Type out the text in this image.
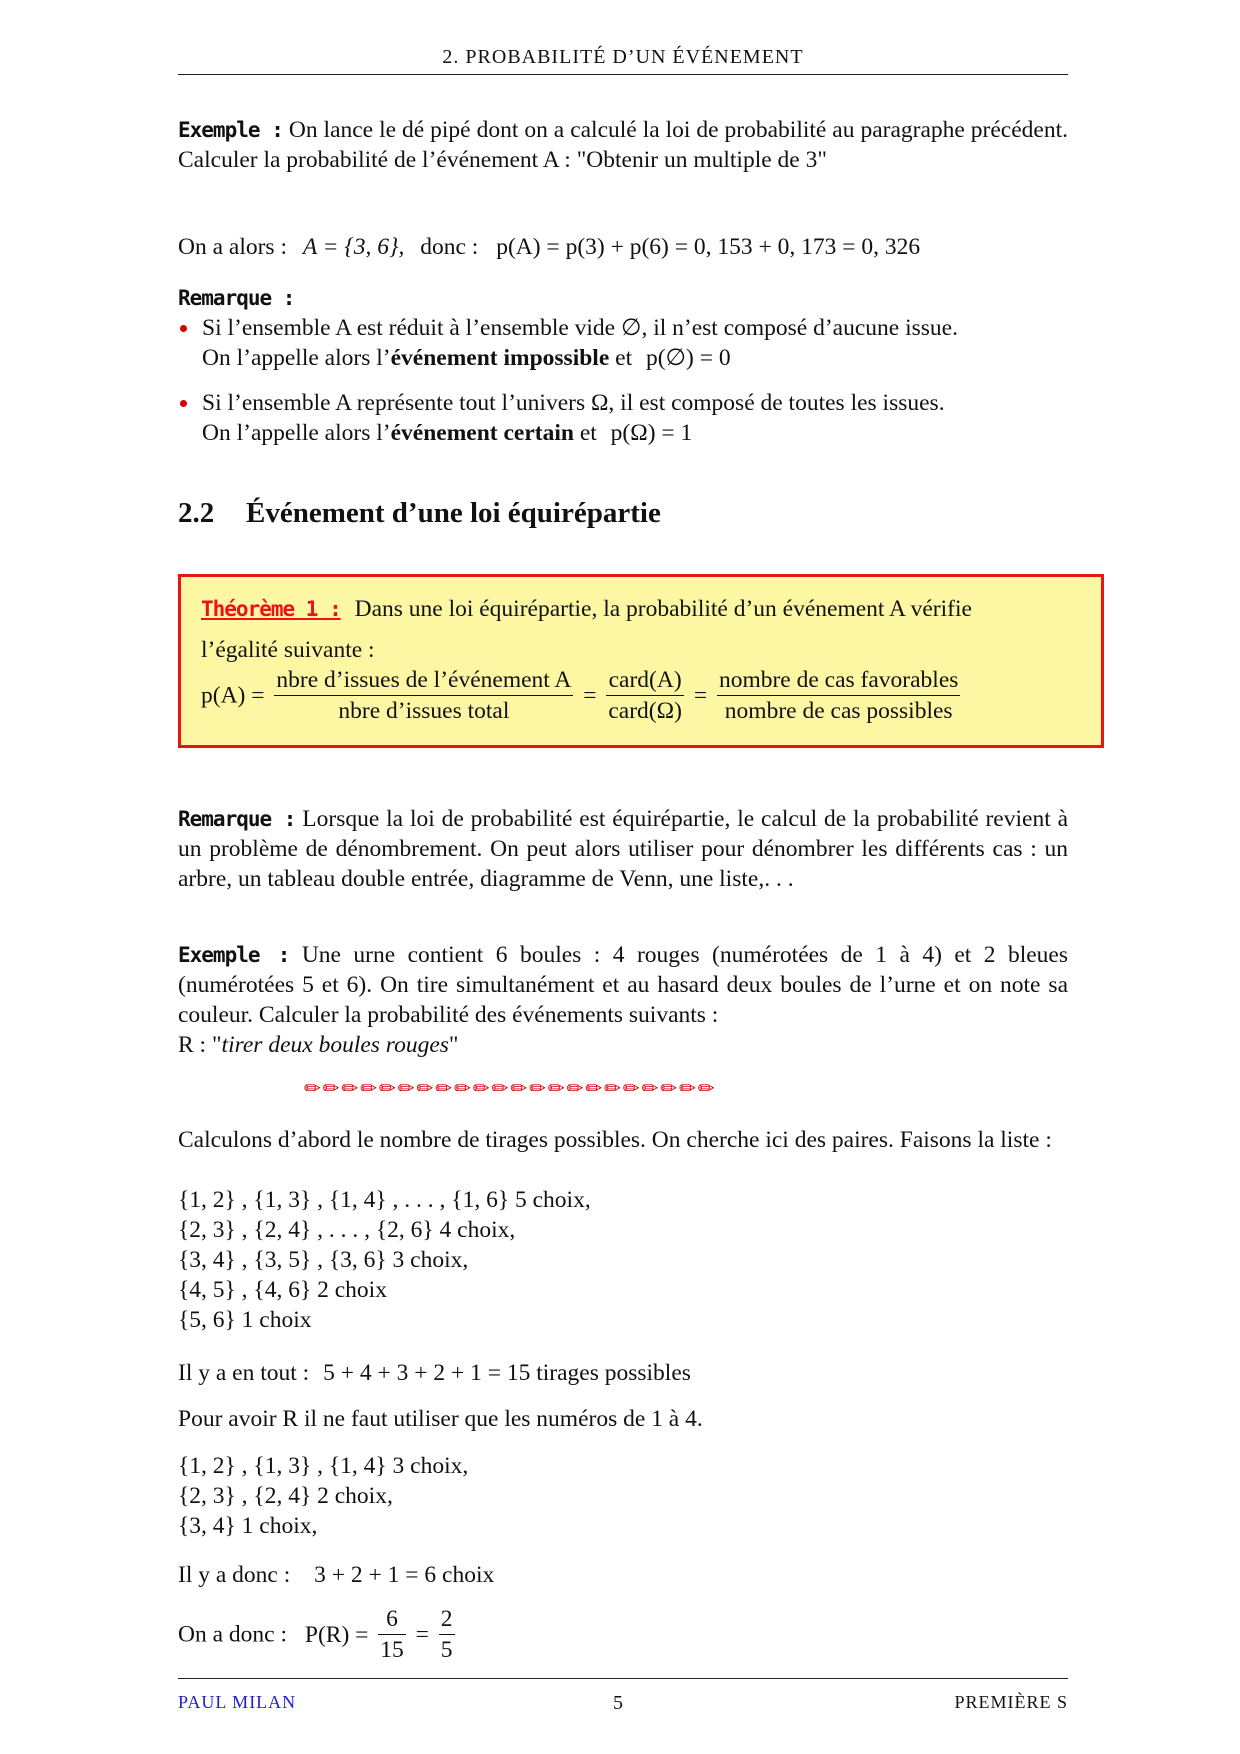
2. PROBABILITÉ D’UN ÉVÉNEMENT
Exemple : On lance le dé pipé dont on a calculé la loi de probabilité au paragraphe précédent. Calculer la probabilité de l’événement A : "Obtenir un multiple de 3"
On a alors : A = {3, 6}, donc : p(A) = p(3) + p(6) = 0, 153 + 0, 173 = 0, 326
Remarque :
Si l’ensemble A est réduit à l’ensemble vide ∅, il n’est composé d’aucune issue.
On l’appelle alors l’événement impossible et p(∅) = 0
Si l’ensemble A représente tout l’univers Ω, il est composé de toutes les issues.
On l’appelle alors l’événement certain et p(Ω) = 1
2.2 Événement d’une loi équirépartie
Théorème 1 : Dans une loi équirépartie, la probabilité d’un événement A vérifie
l’égalité suivante :
$p(A) = \frac{\text{nbre d’issues de l’événement A}}{\text{nbre d’issues total}} = \frac{\text{card(A)}}{\text{card(Ω)}} = \frac{\text{nombre de cas favorables}}{\text{nombre de cas possibles}}$
Remarque : Lorsque la loi de probabilité est équirépartie, le calcul de la probabilité revient à un problème de dénombrement. On peut alors utiliser pour dénombrer les différents cas : un arbre, un tableau double entrée, diagramme de Venn, une liste,. . .
Exemple : Une urne contient 6 boules : 4 rouges (numérotées de 1 à 4) et 2 bleues (numérotées 5 et 6). On tire simultanément et au hasard deux boules de l’urne et on note sa couleur. Calculer la probabilité des événements suivants :
R : "tirer deux boules rouges"
✏✏✏✏✏✏✏✏✏✏✏✏✏✏✏✏✏✏✏✏✏✏
Calculons d’abord le nombre de tirages possibles. On cherche ici des paires. Faisons la liste :
{1, 2} , {1, 3} , {1, 4} , . . . , {1, 6} 5 choix,
{2, 3} , {2, 4} , . . . , {2, 6} 4 choix,
{3, 4} , {3, 5} , {3, 6} 3 choix,
{4, 5} , {4, 6} 2 choix
{5, 6} 1 choix
Il y a en tout : 5 + 4 + 3 + 2 + 1 = 15 tirages possibles
Pour avoir R il ne faut utiliser que les numéros de 1 à 4.
{1, 2} , {1, 3} , {1, 4} 3 choix,
{2, 3} , {2, 4} 2 choix,
{3, 4} 1 choix,
Il y a donc : 3 + 2 + 1 = 6 choix
On a donc : $P(R) = \frac{6}{15} = \frac{2}{5}$
PAUL MILAN	5	PREMIÈRE S
